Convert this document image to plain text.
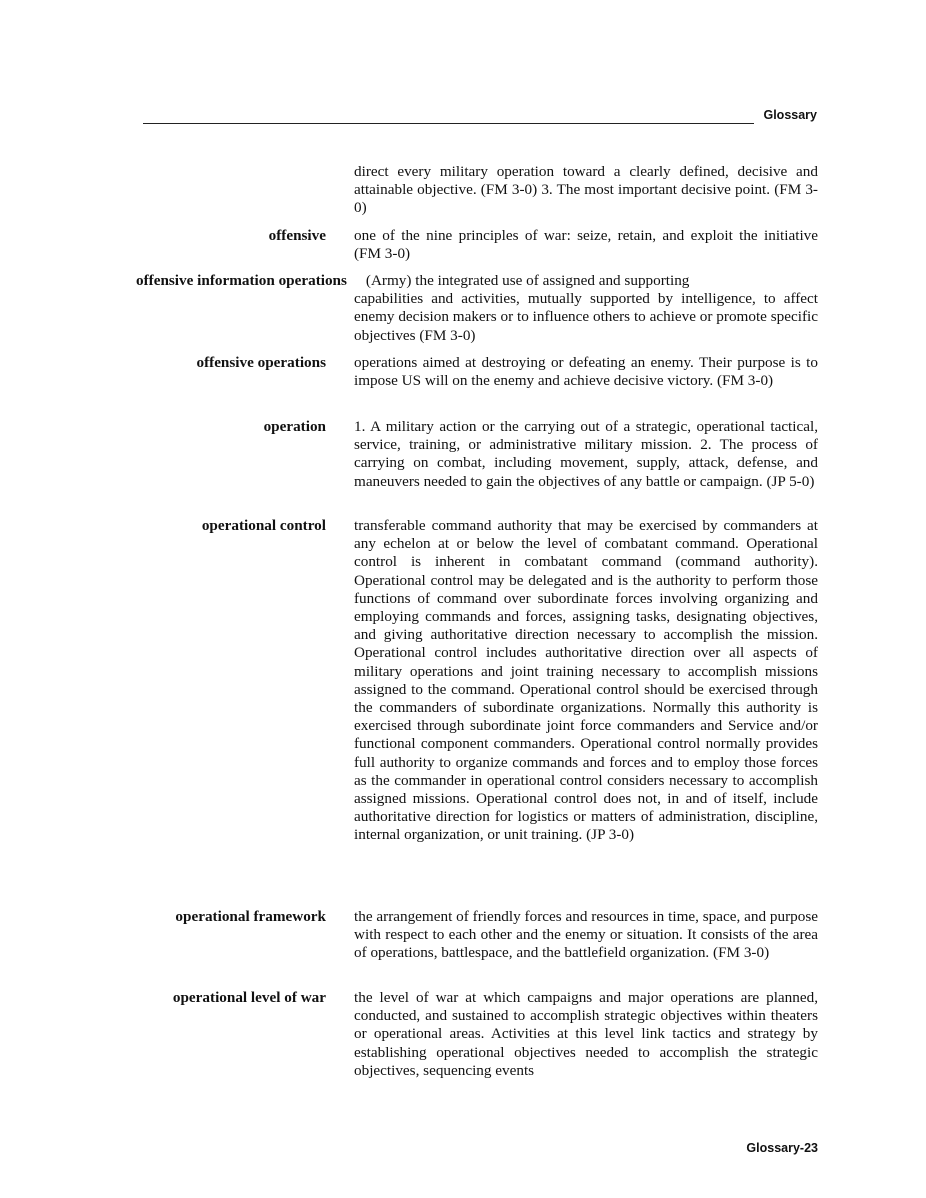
Glossary
direct every military operation toward a clearly defined, decisive and attainable objective. (FM 3-0) 3. The most important decisive point. (FM 3-0)
offensive one of the nine principles of war: seize, retain, and exploit the initiative (FM 3-0)
offensive information operations (Army) the integrated use of assigned and supporting
capabilities and activities, mutually supported by intelligence, to affect enemy decision makers or to influence others to achieve or promote specific objectives (FM 3-0)
offensive operations operations aimed at destroying or defeating an enemy. Their purpose is to impose US will on the enemy and achieve decisive victory. (FM 3-0)
operation 1. A military action or the carrying out of a strategic, operational tactical, service, training, or administrative military mission. 2. The process of carrying on combat, including movement, supply, attack, defense, and maneuvers needed to gain the objectives of any battle or campaign. (JP 5-0)
operational control transferable command authority that may be exercised by commanders at any echelon at or below the level of combatant command. Operational control is inherent in combatant command (command authority). Operational control may be delegated and is the authority to perform those functions of command over subordinate forces involving organizing and employing commands and forces, assigning tasks, designating objectives, and giving authoritative direction necessary to accomplish the mission. Operational control includes authoritative direction over all aspects of military operations and joint training necessary to accomplish missions assigned to the command. Operational control should be exercised through the commanders of subordinate organizations. Normally this authority is exercised through subordinate joint force commanders and Service and/or functional component commanders. Operational control normally provides full authority to organize commands and forces and to employ those forces as the commander in operational control considers necessary to accomplish assigned missions. Operational control does not, in and of itself, include authoritative direction for logistics or matters of administration, discipline, internal organization, or unit training. (JP 3-0)
operational framework the arrangement of friendly forces and resources in time, space, and purpose with respect to each other and the enemy or situation. It consists of the area of operations, battlespace, and the battlefield organization. (FM 3-0)
operational level of war the level of war at which campaigns and major operations are planned, conducted, and sustained to accomplish strategic objectives within theaters or operational areas. Activities at this level link tactics and strategy by establishing operational objectives needed to accomplish the strategic objectives, sequencing events
Glossary-23
